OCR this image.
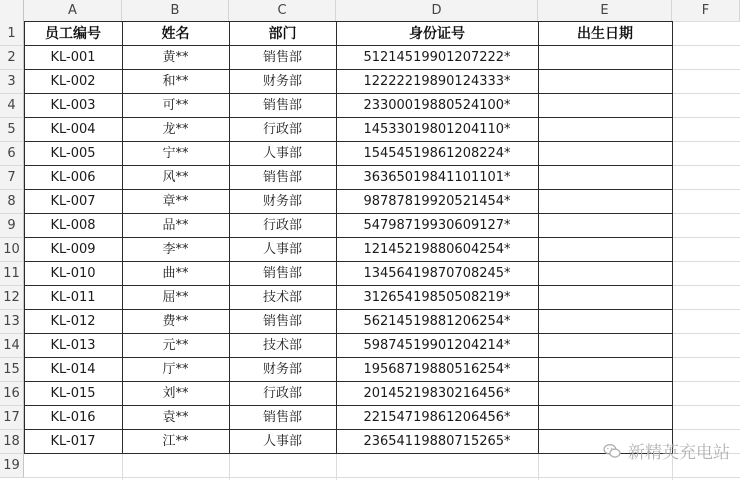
A	B	C	D	E	F
1
2
3
4
5
6
7
8
9
10
11
12
13
14
15
16
17
18
19
员工编号	姓名	部门	身份证号	出生日期
KL-001	黄**	销售部	51214519901207222*
KL-002	和**	财务部	12222219890124333*
KL-003	可**	销售部	23300019880524100*
KL-004	龙**	行政部	14533019801204110*
KL-005	宁**	人事部	15454519861208224*
KL-006	风**	销售部	36365019841101101*
KL-007	章**	财务部	98787819920521454*
KL-008	品**	行政部	54798719930609127*
KL-009	李**	人事部	12145219880604254*
KL-010	曲**	销售部	13456419870708245*
KL-011	屈**	技术部	31265419850508219*
KL-012	费**	销售部	56214519881206254*
KL-013	元**	技术部	59874519901204214*
KL-014	厅**	财务部	19568719880516254*
KL-015	刘**	行政部	20145219830216456*
KL-016	袁**	销售部	22154719861206456*
KL-017	江**	人事部	23654119880715265*
新精英充电站
